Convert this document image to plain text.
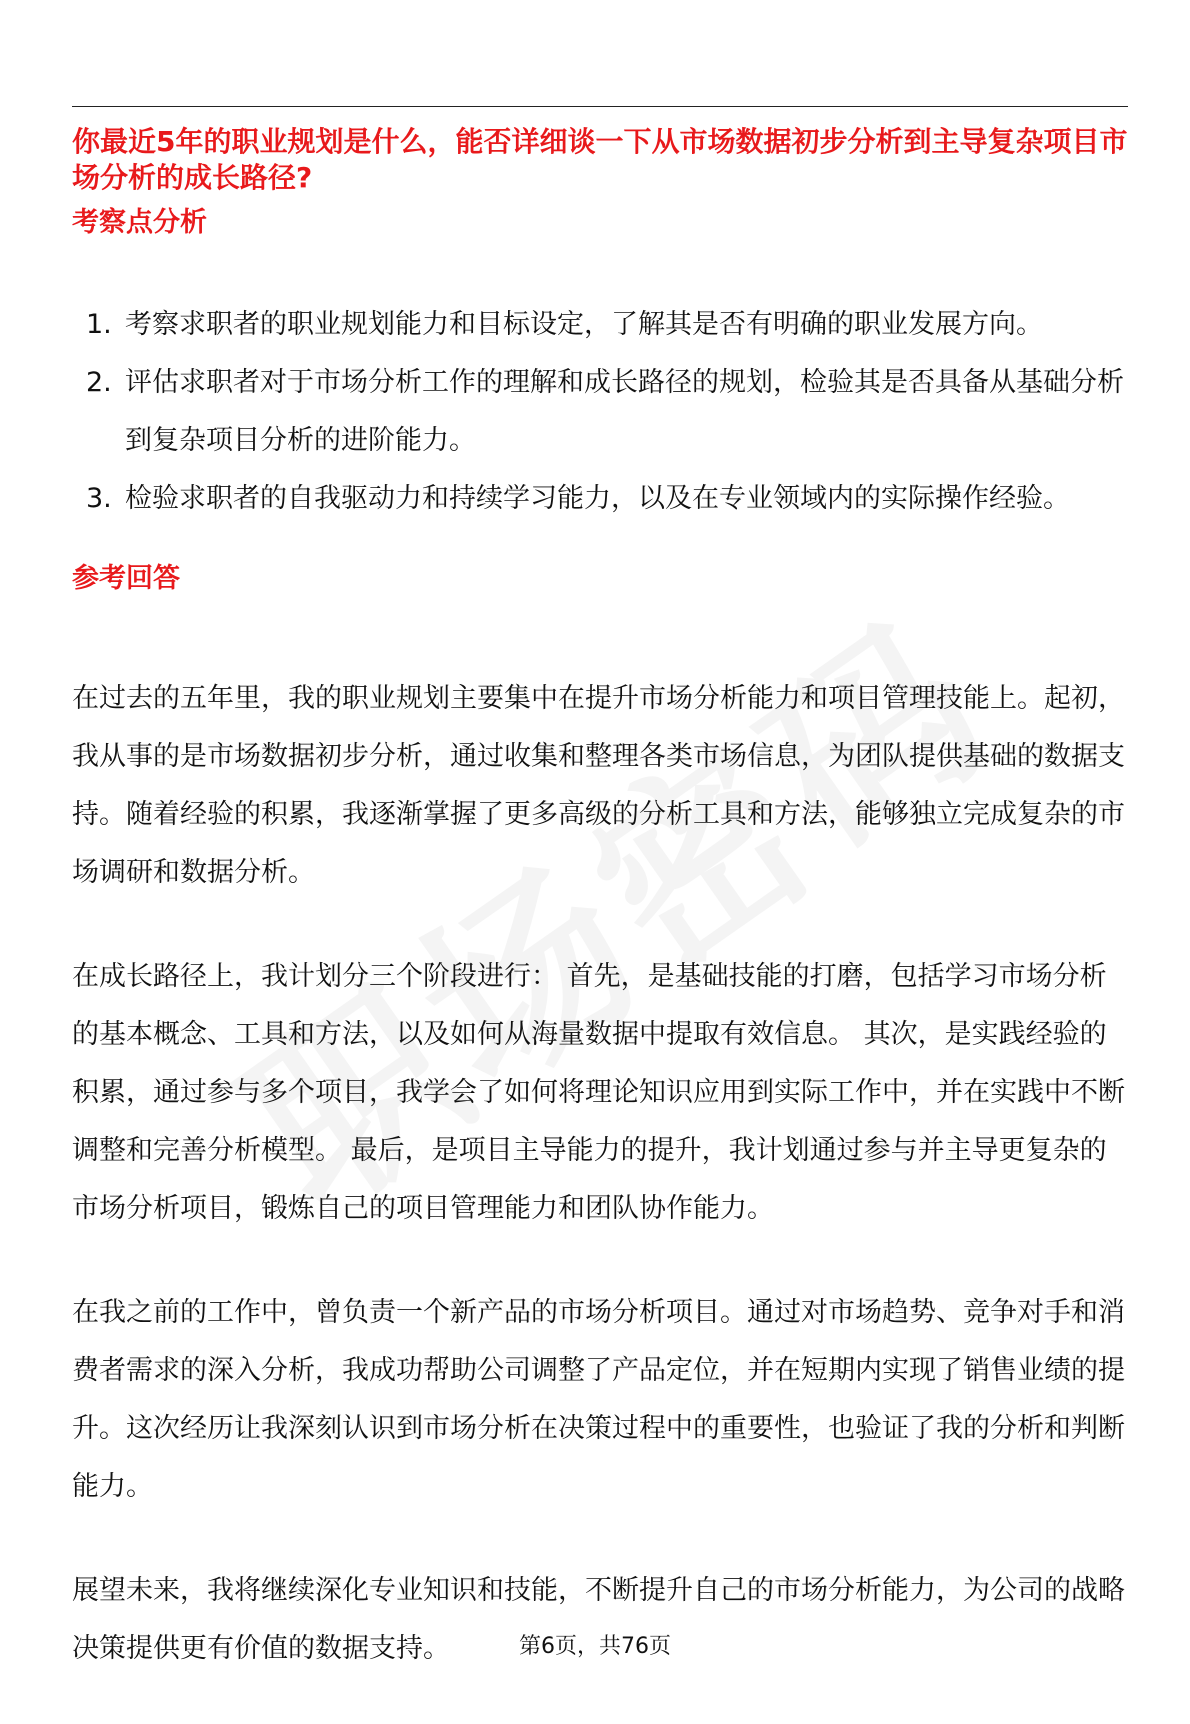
你最近5年的职业规划是什么，能否详细谈一下从市场数据初步分析到主导复杂项目市场分析的成长路径?
考察点分析
1. 考察求职者的职业规划能力和目标设定，了解其是否有明确的职业发展方向。
2. 评估求职者对于市场分析工作的理解和成长路径的规划，检验其是否具备从基础分析到复杂项目分析的进阶能力。
3. 检验求职者的自我驱动力和持续学习能力，以及在专业领域内的实际操作经验。
参考回答

在过去的五年里，我的职业规划主要集中在提升市场分析能力和项目管理技能上。起初，我从事的是市场数据初步分析，通过收集和整理各类市场信息，为团队提供基础的数据支持。随着经验的积累，我逐渐掌握了更多高级的分析工具和方法，能够独立完成复杂的市场调研和数据分析。

在成长路径上，我计划分三个阶段进行： 首先，是基础技能的打磨，包括学习市场分析的基本概念、工具和方法，以及如何从海量数据中提取有效信息。 其次，是实践经验的积累，通过参与多个项目，我学会了如何将理论知识应用到实际工作中，并在实践中不断调整和完善分析模型。 最后，是项目主导能力的提升，我计划通过参与并主导更复杂的市场分析项目，锻炼自己的项目管理能力和团队协作能力。

在我之前的工作中，曾负责一个新产品的市场分析项目。通过对市场趋势、竞争对手和消费者需求的深入分析，我成功帮助公司调整了产品定位，并在短期内实现了销售业绩的提升。这次经历让我深刻认识到市场分析在决策过程中的重要性，也验证了我的分析和判断能力。

展望未来，我将继续深化专业知识和技能，不断提升自己的市场分析能力，为公司的战略决策提供更有价值的数据支持。	第6页，共76页
